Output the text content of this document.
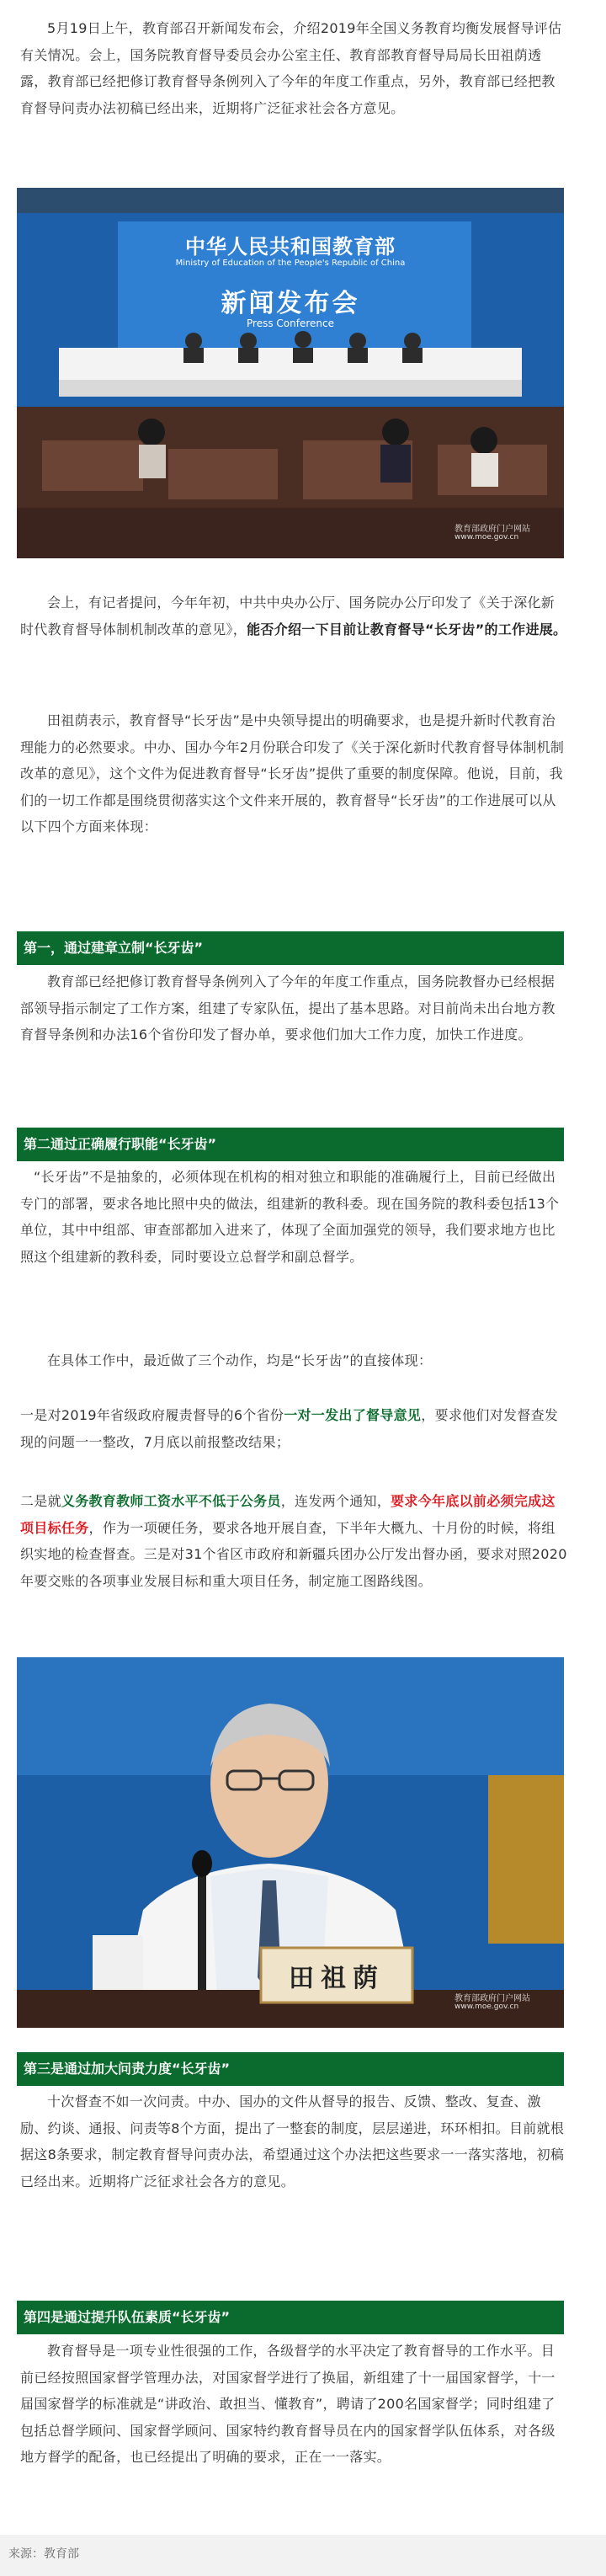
5月19日上午，教育部召开新闻发布会，介绍2019年全国义务教育均衡发展督导评估有关情况。会上，国务院教育督导委员会办公室主任、教育部教育督导局局长田祖荫透露，教育部已经把修订教育督导条例列入了今年的年度工作重点，另外，教育部已经把教育督导问责办法初稿已经出来，近期将广泛征求社会各方意见。

中华人民共和国教育部
Ministry of Education of the People's Republic of China
新闻发布会
Press Conference
教育部政府门户网站
www.moe.gov.cn

会上，有记者提问，今年年初，中共中央办公厅、国务院办公厅印发了《关于深化新时代教育督导体制机制改革的意见》，能否介绍一下目前让教育督导“长牙齿”的工作进展。

田祖荫表示，教育督导“长牙齿”是中央领导提出的明确要求，也是提升新时代教育治理能力的必然要求。中办、国办今年2月份联合印发了《关于深化新时代教育督导体制机制改革的意见》，这个文件为促进教育督导“长牙齿”提供了重要的制度保障。他说，目前，我们的一切工作都是围绕贯彻落实这个文件来开展的，教育督导“长牙齿”的工作进展可以从以下四个方面来体现：

第一，通过建章立制“长牙齿”

教育部已经把修订教育督导条例列入了今年的年度工作重点，国务院教督办已经根据部领导指示制定了工作方案，组建了专家队伍，提出了基本思路。对目前尚未出台地方教育督导条例和办法16个省份印发了督办单，要求他们加大工作力度，加快工作进度。

第二通过正确履行职能“长牙齿”

“长牙齿”不是抽象的，必须体现在机构的相对独立和职能的准确履行上，目前已经做出专门的部署，要求各地比照中央的做法，组建新的教科委。现在国务院的教科委包括13个单位，其中中组部、审查部都加入进来了，体现了全面加强党的领导，我们要求地方也比照这个组建新的教科委，同时要设立总督学和副总督学。

在具体工作中，最近做了三个动作，均是“长牙齿”的直接体现：

一是对2019年省级政府履责督导的6个省份一对一发出了督导意见，要求他们对发督查发现的问题一一整改，7月底以前报整改结果；

二是就义务教育教师工资水平不低于公务员，连发两个通知，要求今年底以前必须完成这项目标任务，作为一项硬任务，要求各地开展自查，下半年大概九、十月份的时候，将组织实地的检查督查。三是对31个省区市政府和新疆兵团办公厅发出督办函，要求对照2020年要交账的各项事业发展目标和重大项目任务，制定施工图路线图。

田祖荫
教育部政府门户网站
www.moe.gov.cn
第三是通过加大问责力度“长牙齿”

十次督查不如一次问责。中办、国办的文件从督导的报告、反馈、整改、复查、激励、约谈、通报、问责等8个方面，提出了一整套的制度，层层递进，环环相扣。目前就根据这8条要求，制定教育督导问责办法，希望通过这个办法把这些要求一一落实落地，初稿已经出来。近期将广泛征求社会各方的意见。

第四是通过提升队伍素质“长牙齿”

教育督导是一项专业性很强的工作，各级督学的水平决定了教育督导的工作水平。目前已经按照国家督学管理办法，对国家督学进行了换届，新组建了十一届国家督学，十一届国家督学的标准就是“讲政治、敢担当、懂教育”，聘请了200名国家督学；同时组建了包括总督学顾问、国家督学顾问、国家特约教育督导员在内的国家督学队伍体系，对各级地方督学的配备，也已经提出了明确的要求，正在一一落实。

来源：教育部
